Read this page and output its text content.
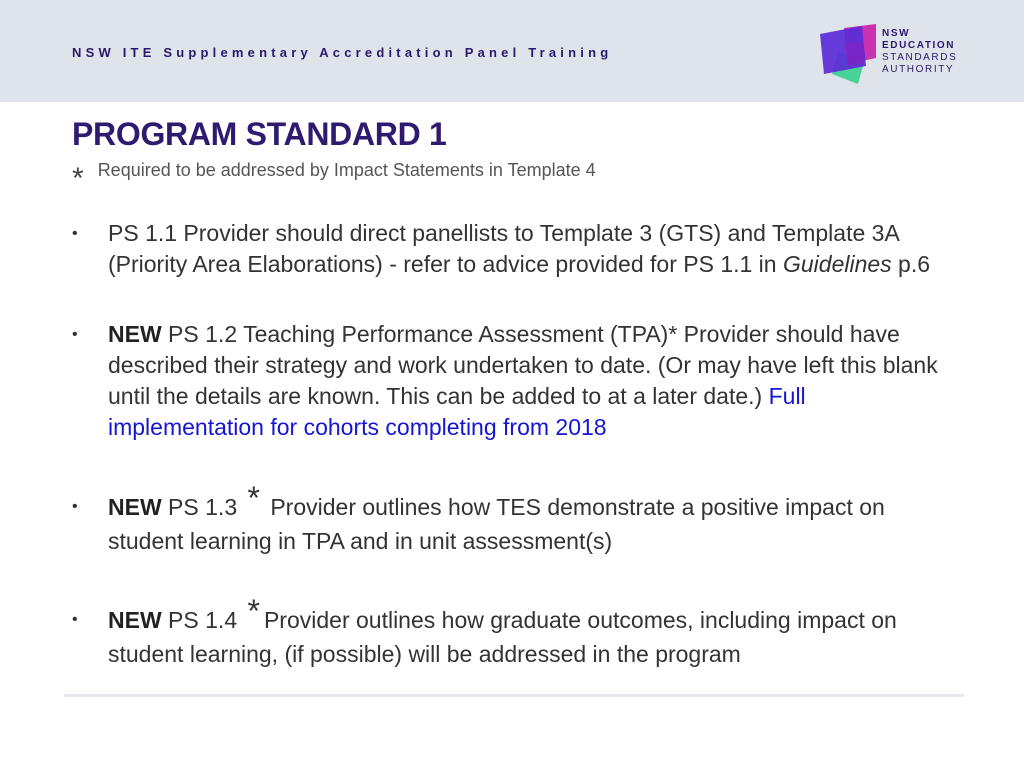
NSW ITE Supplementary Accreditation Panel Training
NSW
EDUCATION
STANDARDS
AUTHORITY
PROGRAM STANDARD 1
* Required to be addressed by Impact Statements in Template 4
• PS 1.1 Provider should direct panellists to Template 3 (GTS) and Template 3A (Priority Area Elaborations) - refer to advice provided for PS 1.1 in Guidelines p.6
• NEW PS 1.2 Teaching Performance Assessment (TPA)* Provider should have described their strategy and work undertaken to date. (Or may have left this blank until the details are known. This can be added to at a later date.) Full implementation for cohorts completing from 2018
• NEW PS 1.3 * Provider outlines how TES demonstrate a positive impact on student learning in TPA and in unit assessment(s)
• NEW PS 1.4 * Provider outlines how graduate outcomes, including impact on student learning, (if possible) will be addressed in the program
